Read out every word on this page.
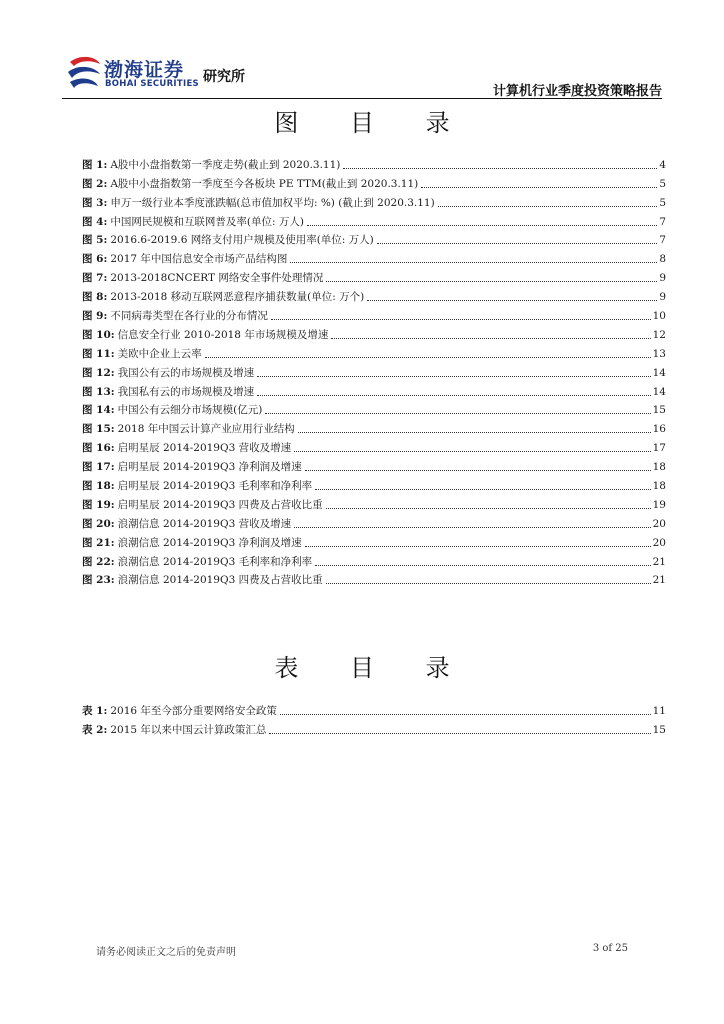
渤海证券
BOHAI SECURITIES 研究所
计算机行业季度投资策略报告
图 目 录
图 1: A股中小盘指数第一季度走势(截止到 2020.3.11)	4
图 2: A股中小盘指数第一季度至今各板块 PE TTM(截止到 2020.3.11)	5
图 3: 申万一级行业本季度涨跌幅(总市值加权平均: %) (截止到 2020.3.11)	5
图 4: 中国网民规模和互联网普及率(单位: 万人)	7
图 5: 2016.6-2019.6 网络支付用户规模及使用率(单位: 万人)	7
图 6: 2017 年中国信息安全市场产品结构图	8
图 7: 2013-2018CNCERT 网络安全事件处理情况	9
图 8: 2013-2018 移动互联网恶意程序捕获数量(单位: 万个)	9
图 9: 不同病毒类型在各行业的分布情况	10
图 10: 信息安全行业 2010-2018 年市场规模及增速	12
图 11: 美欧中企业上云率	13
图 12: 我国公有云的市场规模及增速	14
图 13: 我国私有云的市场规模及增速	14
图 14: 中国公有云细分市场规模(亿元)	15
图 15: 2018 年中国云计算产业应用行业结构	16
图 16: 启明星辰 2014-2019Q3 营收及增速	17
图 17: 启明星辰 2014-2019Q3 净利润及增速	18
图 18: 启明星辰 2014-2019Q3 毛利率和净利率	18
图 19: 启明星辰 2014-2019Q3 四费及占营收比重	19
图 20: 浪潮信息 2014-2019Q3 营收及增速	20
图 21: 浪潮信息 2014-2019Q3 净利润及增速	20
图 22: 浪潮信息 2014-2019Q3 毛利率和净利率	21
图 23: 浪潮信息 2014-2019Q3 四费及占营收比重	21
表 目 录
表 1: 2016 年至今部分重要网络安全政策	11
表 2: 2015 年以来中国云计算政策汇总	15
请务必阅读正文之后的免责声明	3 of 25
